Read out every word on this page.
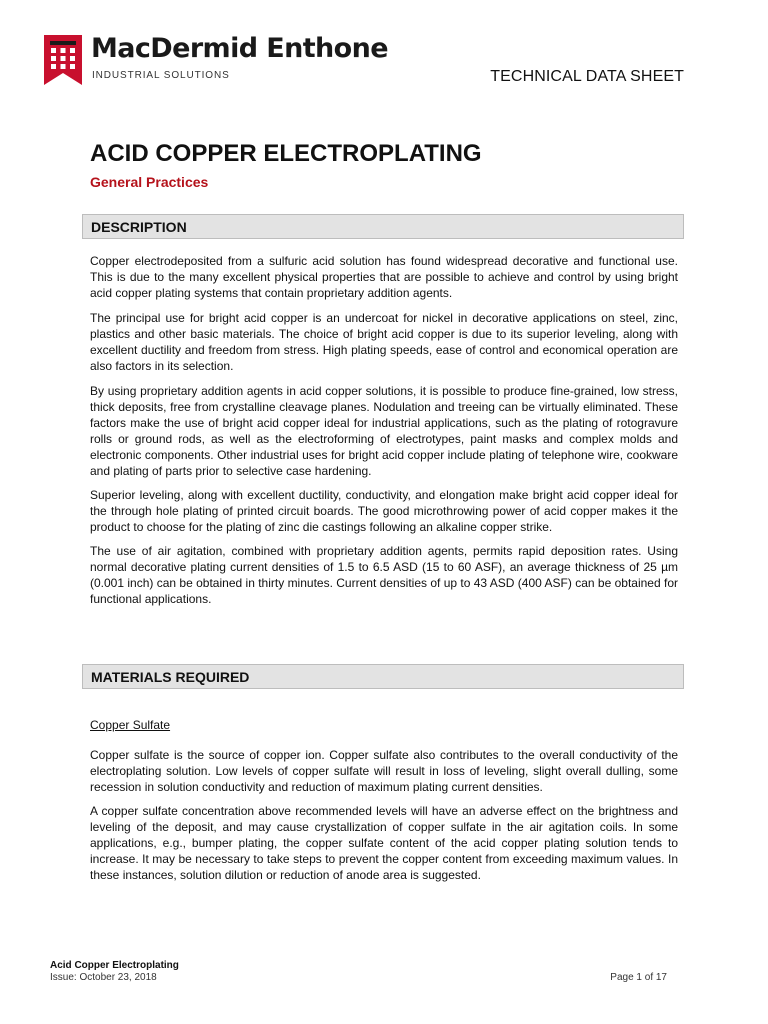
MacDermid Enthone
INDUSTRIAL SOLUTIONS	TECHNICAL DATA SHEET
ACID COPPER ELECTROPLATING
General Practices
DESCRIPTION

Copper electrodeposited from a sulfuric acid solution has found widespread decorative and functional use. This is due to the many excellent physical properties that are possible to achieve and control by using bright acid copper plating systems that contain proprietary addition agents.

The principal use for bright acid copper is an undercoat for nickel in decorative applications on steel, zinc, plastics and other basic materials. The choice of bright acid copper is due to its superior leveling, along with excellent ductility and freedom from stress. High plating speeds, ease of control and economical operation are also factors in its selection.

By using proprietary addition agents in acid copper solutions, it is possible to produce fine-grained, low stress, thick deposits, free from crystalline cleavage planes. Nodulation and treeing can be virtually eliminated. These factors make the use of bright acid copper ideal for industrial applications, such as the plating of rotogravure rolls or ground rods, as well as the electroforming of electrotypes, paint masks and complex molds and electronic components. Other industrial uses for bright acid copper include plating of telephone wire, cookware and plating of parts prior to selective case hardening.

Superior leveling, along with excellent ductility, conductivity, and elongation make bright acid copper ideal for the through hole plating of printed circuit boards. The good microthrowing power of acid copper makes it the product to choose for the plating of zinc die castings following an alkaline copper strike.

The use of air agitation, combined with proprietary addition agents, permits rapid deposition rates. Using normal decorative plating current densities of 1.5 to 6.5 ASD (15 to 60 ASF), an average thickness of 25 µm (0.001 inch) can be obtained in thirty minutes. Current densities of up to 43 ASD (400 ASF) can be obtained for functional applications.

MATERIALS REQUIRED

Copper Sulfate

Copper sulfate is the source of copper ion. Copper sulfate also contributes to the overall conductivity of the electroplating solution. Low levels of copper sulfate will result in loss of leveling, slight overall dulling, some recession in solution conductivity and reduction of maximum plating current densities.

A copper sulfate concentration above recommended levels will have an adverse effect on the brightness and leveling of the deposit, and may cause crystallization of copper sulfate in the air agitation coils. In some applications, e.g., bumper plating, the copper sulfate content of the acid copper plating solution tends to increase. It may be necessary to take steps to prevent the copper content from exceeding maximum values. In these instances, solution dilution or reduction of anode area is suggested.

Acid Copper Electroplating
Issue: October 23, 2018	Page 1 of 17
